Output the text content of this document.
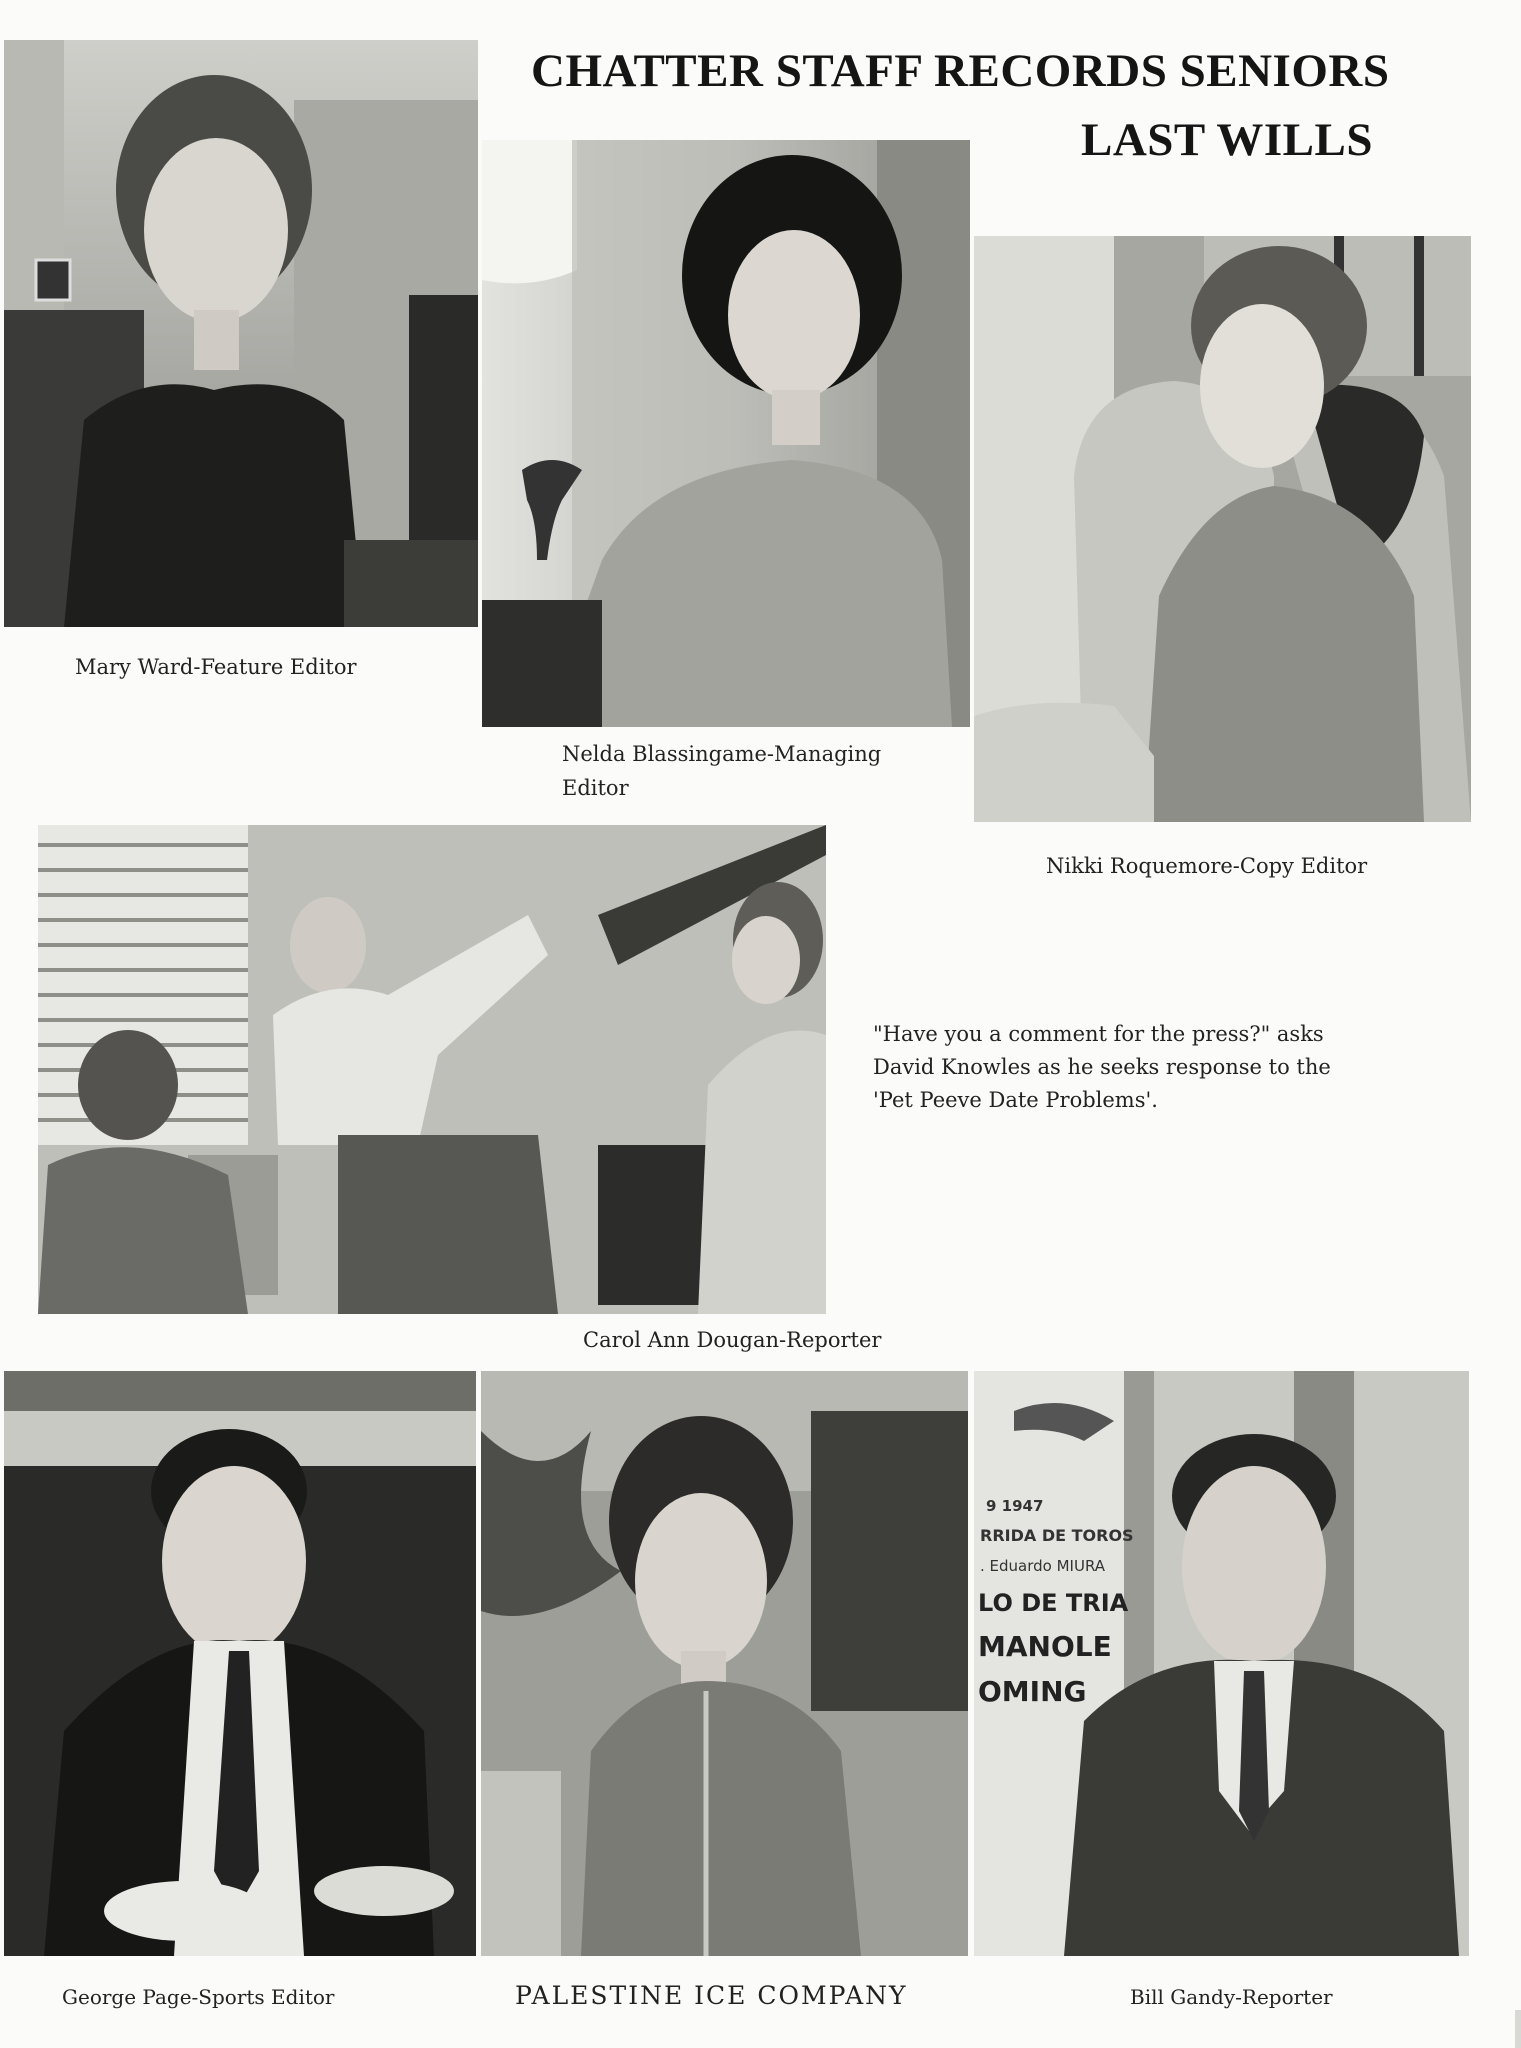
CHATTER STAFF RECORDS SENIORS
LAST WILLS
Mary Ward-Feature Editor
Nelda Blassingame-Managing
Editor
Nikki Roquemore-Copy Editor
"Have you a comment for the press?" asks
David Knowles as he seeks response to the
'Pet Peeve Date Problems'.
Carol Ann Dougan-Reporter
George Page-Sports Editor	PALESTINE ICE COMPANY
9 1947
RRIDA DE TOROS
. Eduardo MIURA
LO DE TRIA
MANOLE
OMING
Bill Gandy-Reporter
